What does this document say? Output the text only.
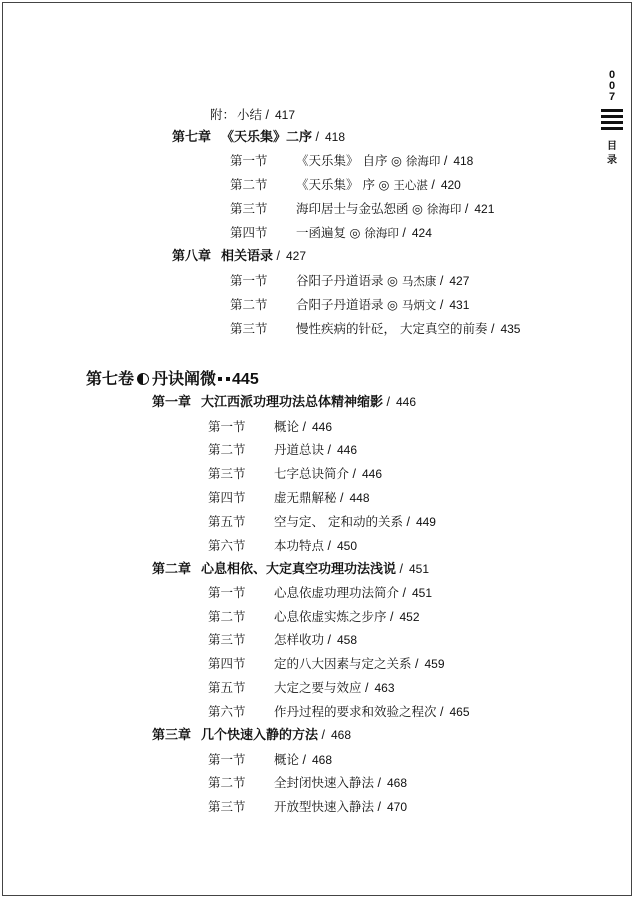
附： 小结 / 417
第七章 《天乐集》二序 / 418
第一节 《天乐集》 自序 ◎ 徐海印 / 418
第二节 《天乐集》 序 ◎ 王心湛 / 420
第三节 海印居士与金弘恕函 ◎ 徐海印 / 421
第四节 一函遍复 ◎ 徐海印 / 424
第八章 相关语录 / 427
第一节 谷阳子丹道语录 ◎ 马杰康 / 427
第二节 合阳子丹道语录 ◎ 马炳文 / 431
第三节 慢性疾病的针砭， 大定真空的前奏 / 435
第七卷 丹诀阐微 445
第一章 大江西派功理功法总体精神缩影 / 446
第一节 概论 / 446
第二节 丹道总诀 / 446
第三节 七字总诀简介 / 446
第四节 虚无鼎解秘 / 448
第五节 空与定、 定和动的关系 / 449
第六节 本功特点 / 450
第二章 心息相依、大定真空功理功法浅说 / 451
第一节 心息依虚功理功法简介 / 451
第二节 心息依虚实炼之步序 / 452
第三节 怎样收功 / 458
第四节 定的八大因素与定之关系 / 459
第五节 大定之要与效应 / 463
第六节 作丹过程的要求和效验之程次 / 465
第三章 几个快速入静的方法 / 468
第一节 概论 / 468
第二节 全封闭快速入静法 / 468
第三节 开放型快速入静法 / 470
0
0
7
目
录
